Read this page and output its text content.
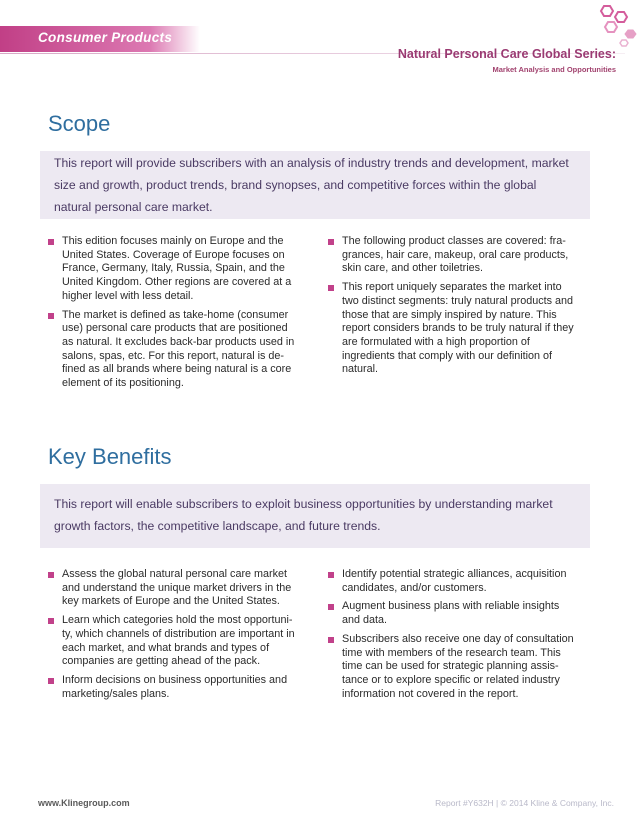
Consumer Products
Natural Personal Care Global Series:
Market Analysis and Opportunities
Scope

This report will provide subscribers with an analysis of industry trends and development, market size and growth, product trends, brand synopses, and competitive forces within the global natural personal care market.

This edition focuses mainly on Europe and the United States. Coverage of Europe focuses on France, Germany, Italy, Russia, Spain, and the United Kingdom. Other regions are covered at a higher level with less detail.
The market is defined as take-home (consumer use) personal care products that are positioned as natural. It excludes back-bar products used in salons, spas, etc. For this report, natural is de-fined as all brands where being natural is a core element of its positioning.
The following product classes are covered: fra-grances, hair care, makeup, oral care products, skin care, and other toiletries.
This report uniquely separates the market into two distinct segments: truly natural products and those that are simply inspired by nature. This report considers brands to be truly natural if they are formulated with a high proportion of ingredients that comply with our definition of natural.
Key Benefits

This report will enable subscribers to exploit business opportunities by understanding market growth factors, the competitive landscape, and future trends.

Assess the global natural personal care market and understand the unique market drivers in the key markets of Europe and the United States.
Learn which categories hold the most opportuni-ty, which channels of distribution are important in each market, and what brands and types of companies are getting ahead of the pack.
Inform decisions on business opportunities and marketing/sales plans.
Identify potential strategic alliances, acquisition candidates, and/or customers.
Augment business plans with reliable insights and data.
Subscribers also receive one day of consultation time with members of the research team. This time can be used for strategic planning assis-tance or to explore specific or related industry information not covered in the report.
www.Klinegroup.com	Report #Y632H | © 2014 Kline & Company, Inc.
